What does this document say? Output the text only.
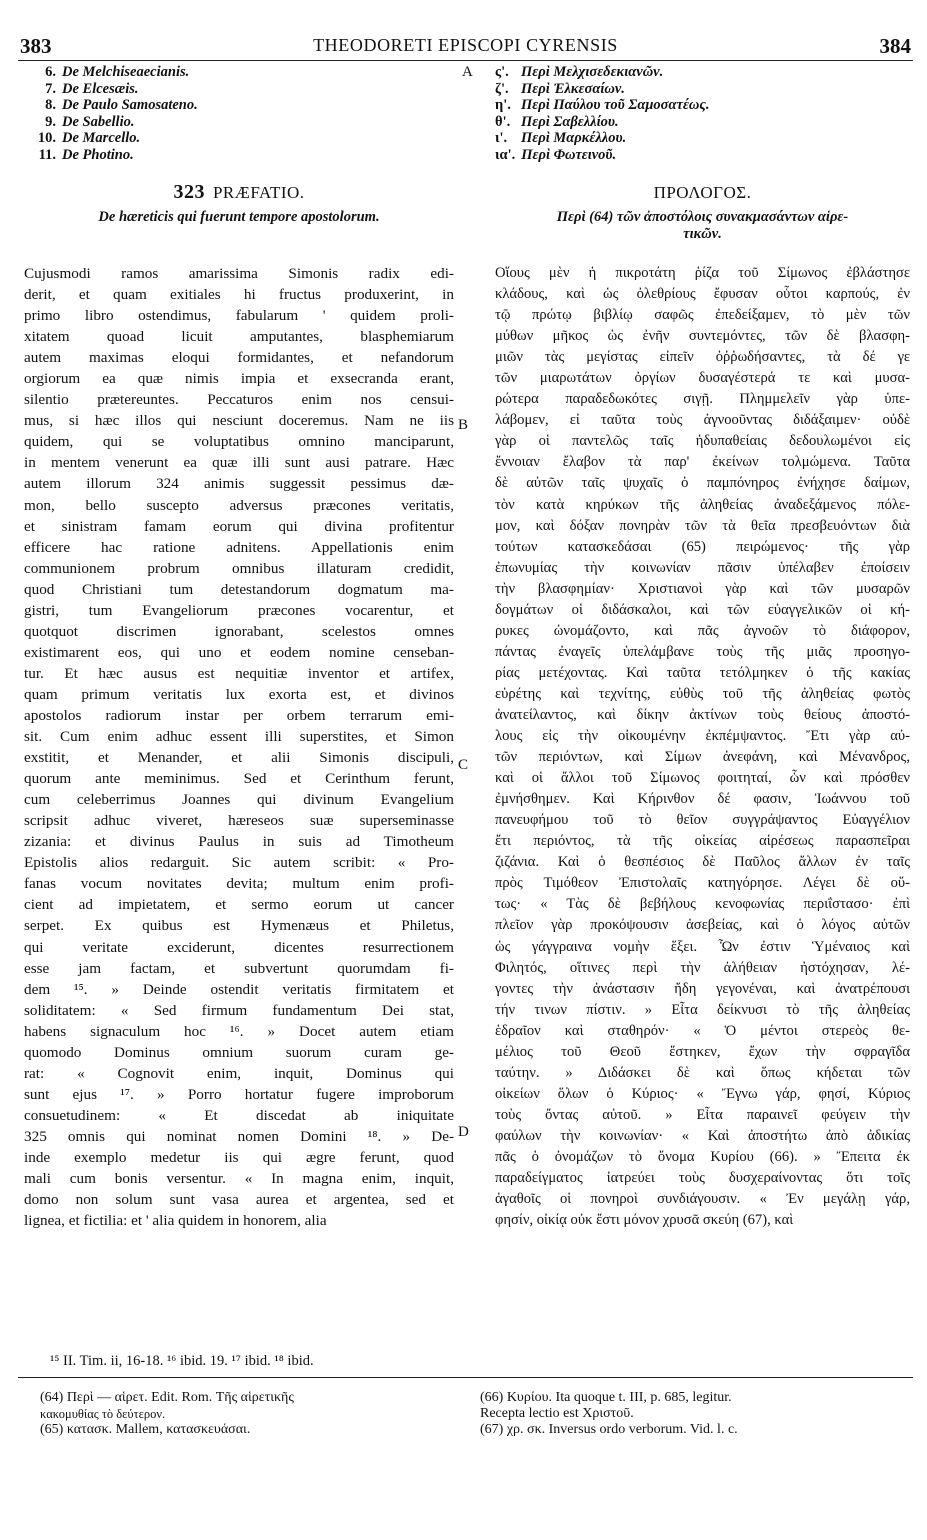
383	THEODORETI EPISCOPI CYRENSIS	384
6. De Melchiseaecianis.
7. De Elcesæis.
8. De Paulo Samosateno.
9. De Sabellio.
10. De Marcello.
11. De Photino.
ς'. Περὶ Μελχισεδεκιανῶν.
ζ'. Περὶ Ἐλκεσαίων.
η'. Περὶ Παύλου τοῦ Σαμοσατέως.
θ'. Περὶ Σαβελλίου.
ι'. Περὶ Μαρκέλλου.
ια'. Περὶ Φωτεινοῦ.
323 PRÆFATIO.
De hæreticis qui fuerunt tempore apostolorum.
ΠΡΟΛΟΓΟΣ.
Περὶ (64) τῶν ἀποστόλοις συνακμασάντων αἱρε-
τικῶν.
Cujusmodi ramos amarissima Simonis radix edi-
derit, et quam exitiales hi fructus produxerint, in
primo libro ostendimus, fabularum ' quidem proli-
xitatem quoad licuit amputantes, blasphemiarum
autem maximas eloqui formidantes, et nefandorum
orgiorum ea quæ nimis impia et exsecranda erant,
silentio prætereuntes. Peccaturos enim nos censui-
mus, si hæc illos qui nesciunt doceremus. Nam ne iis
quidem, qui se voluptatibus omnino manciparunt,
in mentem venerunt ea quæ illi sunt ausi patrare. Hæc
autem illorum 324 animis suggessit pessimus dæ-
mon, bello suscepto adversus præcones veritatis,
et sinistram famam eorum qui divina profitentur
efficere hac ratione adnitens. Appellationis enim
communionem probrum omnibus illaturam credidit,
quod Christiani tum detestandorum dogmatum ma-
gistri, tum Evangeliorum præcones vocarentur, et
quotquot discrimen ignorabant, scelestos omnes
existimarent eos, qui uno et eodem nomine censeban-
tur. Et hæc ausus est nequitiæ inventor et artifex,
quam primum veritatis lux exorta est, et divinos
apostolos radiorum instar per orbem terrarum emi-
sit. Cum enim adhuc essent illi superstites, et Simon
exstitit, et Menander, et alii Simonis discipuli,
quorum ante meminimus. Sed et Cerinthum ferunt,
cum celeberrimus Joannes qui divinum Evangelium
scripsit adhuc viveret, hæreseos suæ superseminasse
zizania: et divinus Paulus in suis ad Timotheum
Epistolis alios redarguit. Sic autem scribit: « Pro-
fanas vocum novitates devita; multum enim profi-
cient ad impietatem, et sermo eorum ut cancer
serpet. Ex quibus est Hymenæus et Philetus,
qui veritate exciderunt, dicentes resurrectionem
esse jam factam, et subvertunt quorumdam fi-
dem ¹⁵. » Deinde ostendit veritatis firmitatem et
soliditatem: « Sed firmum fundamentum Dei stat,
habens signaculum hoc ¹⁶. » Docet autem etiam
quomodo Dominus omnium suorum curam ge-
rat: « Cognovit enim, inquit, Dominus qui
sunt ejus ¹⁷. » Porro hortatur fugere improborum
consuetudinem: « Et discedat ab iniquitate
325 omnis qui nominat nomen Domini ¹⁸. » De-
inde exemplo medetur iis qui ægre ferunt, quod
mali cum bonis versentur. « In magna enim, inquit,
domo non solum sunt vasa aurea et argentea, sed et
lignea, et fictilia: et ' alia quidem in honorem, alia
Οἵους μὲν ἡ πικροτάτη ῥίζα τοῦ Σίμωνος ἐβλάστησε
κλάδους, καὶ ὡς ὀλεθρίους ἔφυσαν οὗτοι καρπούς, ἐν
τῷ πρώτῳ βιβλίῳ σαφῶς ἐπεδείξαμεν, τὸ μὲν τῶν
μύθων μῆκος ὡς ἐνῆν συντεμόντες, τῶν δὲ βλασφη-
μιῶν τὰς μεγίστας εἰπεῖν ὀῤῥωδήσαντες, τὰ δέ γε
τῶν μιαρωτάτων ὀργίων δυσαγέστερά τε καὶ μυσα-
ρώτερα παραδεδωκότες σιγῇ. Πλημμελεῖν γὰρ ὑπε-
λάβομεν, εἰ ταῦτα τοὺς ἀγνοοῦντας διδάξαιμεν· οὐδὲ
γὰρ οἱ παντελῶς ταῖς ἡδυπαθείαις δεδουλωμένοι εἰς
ἔννοιαν ἔλαβον τὰ παρ' ἐκείνων τολμώμενα. Ταῦτα
δὲ αὐτῶν ταῖς ψυχαῖς ὁ παμπόνηρος ἐνήχησε δαίμων,
τὸν κατὰ κηρύκων τῆς ἀληθείας ἀναδεξάμενος πόλε-
μον, καὶ δόξαν πονηρὰν τῶν τὰ θεῖα πρεσβευόντων διὰ
τούτων κατασκεδάσαι (65) πειρώμενος· τῆς γὰρ
ἐπωνυμίας τὴν κοινωνίαν πᾶσιν ὑπέλαβεν ἐποίσειν
τὴν βλασφημίαν· Χριστιανοὶ γὰρ καὶ τῶν μυσαρῶν
δογμάτων οἱ διδάσκαλοι, καὶ τῶν εὐαγγελικῶν οἱ κή-
ρυκες ὠνομάζοντο, καὶ πᾶς ἀγνοῶν τὸ διάφορον,
πάντας ἐναγεῖς ὑπελάμβανε τοὺς τῆς μιᾶς προσηγο-
ρίας μετέχοντας. Καὶ ταῦτα τετόλμηκεν ὁ τῆς κακίας
εὑρέτης καὶ τεχνίτης, εὐθὺς τοῦ τῆς ἀληθείας φωτὸς
ἀνατείλαντος, καὶ δίκην ἀκτίνων τοὺς θείους ἀποστό-
λους εἰς τὴν οἰκουμένην ἐκπέμψαντος. Ἔτι γὰρ αὐ-
τῶν περιόντων, καὶ Σίμων ἀνεφάνη, καὶ Μένανδρος,
καὶ οἱ ἄλλοι τοῦ Σίμωνος φοιτηταί, ὧν καὶ πρόσθεν
ἐμνήσθημεν. Καὶ Κήρινθον δέ φασιν, Ἰωάννου τοῦ
πανευφήμου τοῦ τὸ θεῖον συγγράψαντος Εὐαγγέλιον
ἔτι περιόντος, τὰ τῆς οἰκείας αἱρέσεως παρασπεῖραι
ζιζάνια. Καὶ ὁ θεσπέσιος δὲ Παῦλος ἄλλων ἐν ταῖς
πρὸς Τιμόθεον Ἐπιστολαῖς κατηγόρησε. Λέγει δὲ οὕ-
τως· « Τὰς δὲ βεβήλους κενοφωνίας περιΐστασο· ἐπὶ
πλεῖον γὰρ προκόψουσιν ἀσεβείας, καὶ ὁ λόγος αὐτῶν
ὡς γάγγραινα νομὴν ἕξει. Ὧν ἐστιν Ὑμέναιος καὶ
Φιλητός, οἵτινες περὶ τὴν ἀλήθειαν ἠστόχησαν, λέ-
γοντες τὴν ἀνάστασιν ἤδη γεγονέναι, καὶ ἀνατρέπουσι
τήν τινων πίστιν. » Εἶτα δείκνυσι τὸ τῆς ἀληθείας
ἑδραῖον καὶ σταθηρόν· « Ὁ μέντοι στερεὸς θε-
μέλιος τοῦ Θεοῦ ἕστηκεν, ἔχων τὴν σφραγῖδα
ταύτην. » Διδάσκει δὲ καὶ ὅπως κήδεται τῶν
οἰκείων ὅλων ὁ Κύριος· « Ἔγνω γάρ, φησί, Κύριος
τοὺς ὄντας αὐτοῦ. » Εἶτα παραινεῖ φεύγειν τὴν
φαύλων τὴν κοινωνίαν· « Καὶ ἀποστήτω ἀπὸ ἀδικίας
πᾶς ὁ ὀνομάζων τὸ ὄνομα Κυρίου (66). » Ἔπειτα ἐκ
παραδείγματος ἰατρεύει τοὺς δυσχεραίνοντας ὅτι τοῖς
ἀγαθοῖς οἱ πονηροὶ συνδιάγουσιν. « Ἐν μεγάλῃ γάρ,
φησίν, οἰκίᾳ οὐκ ἔστι μόνον χρυσᾶ σκεύη (67), καὶ
A
B
C
D
¹⁵ II. Tim. ii, 16-18. ¹⁶ ibid. 19. ¹⁷ ibid. ¹⁸ ibid.
(64) Περὶ — αἱρετ. Edit. Rom. Τῆς αἱρετικῆς
κακομυθίας τὸ δεύτερον.
(65) κατασκ. Mallem, κατασκευάσαι.
(66) Κυρίου. Ita quoque t. III, p. 685, legitur.
Recepta lectio est Χριστοῦ.
(67) χρ. σκ. Inversus ordo verborum. Vid. l. c.
